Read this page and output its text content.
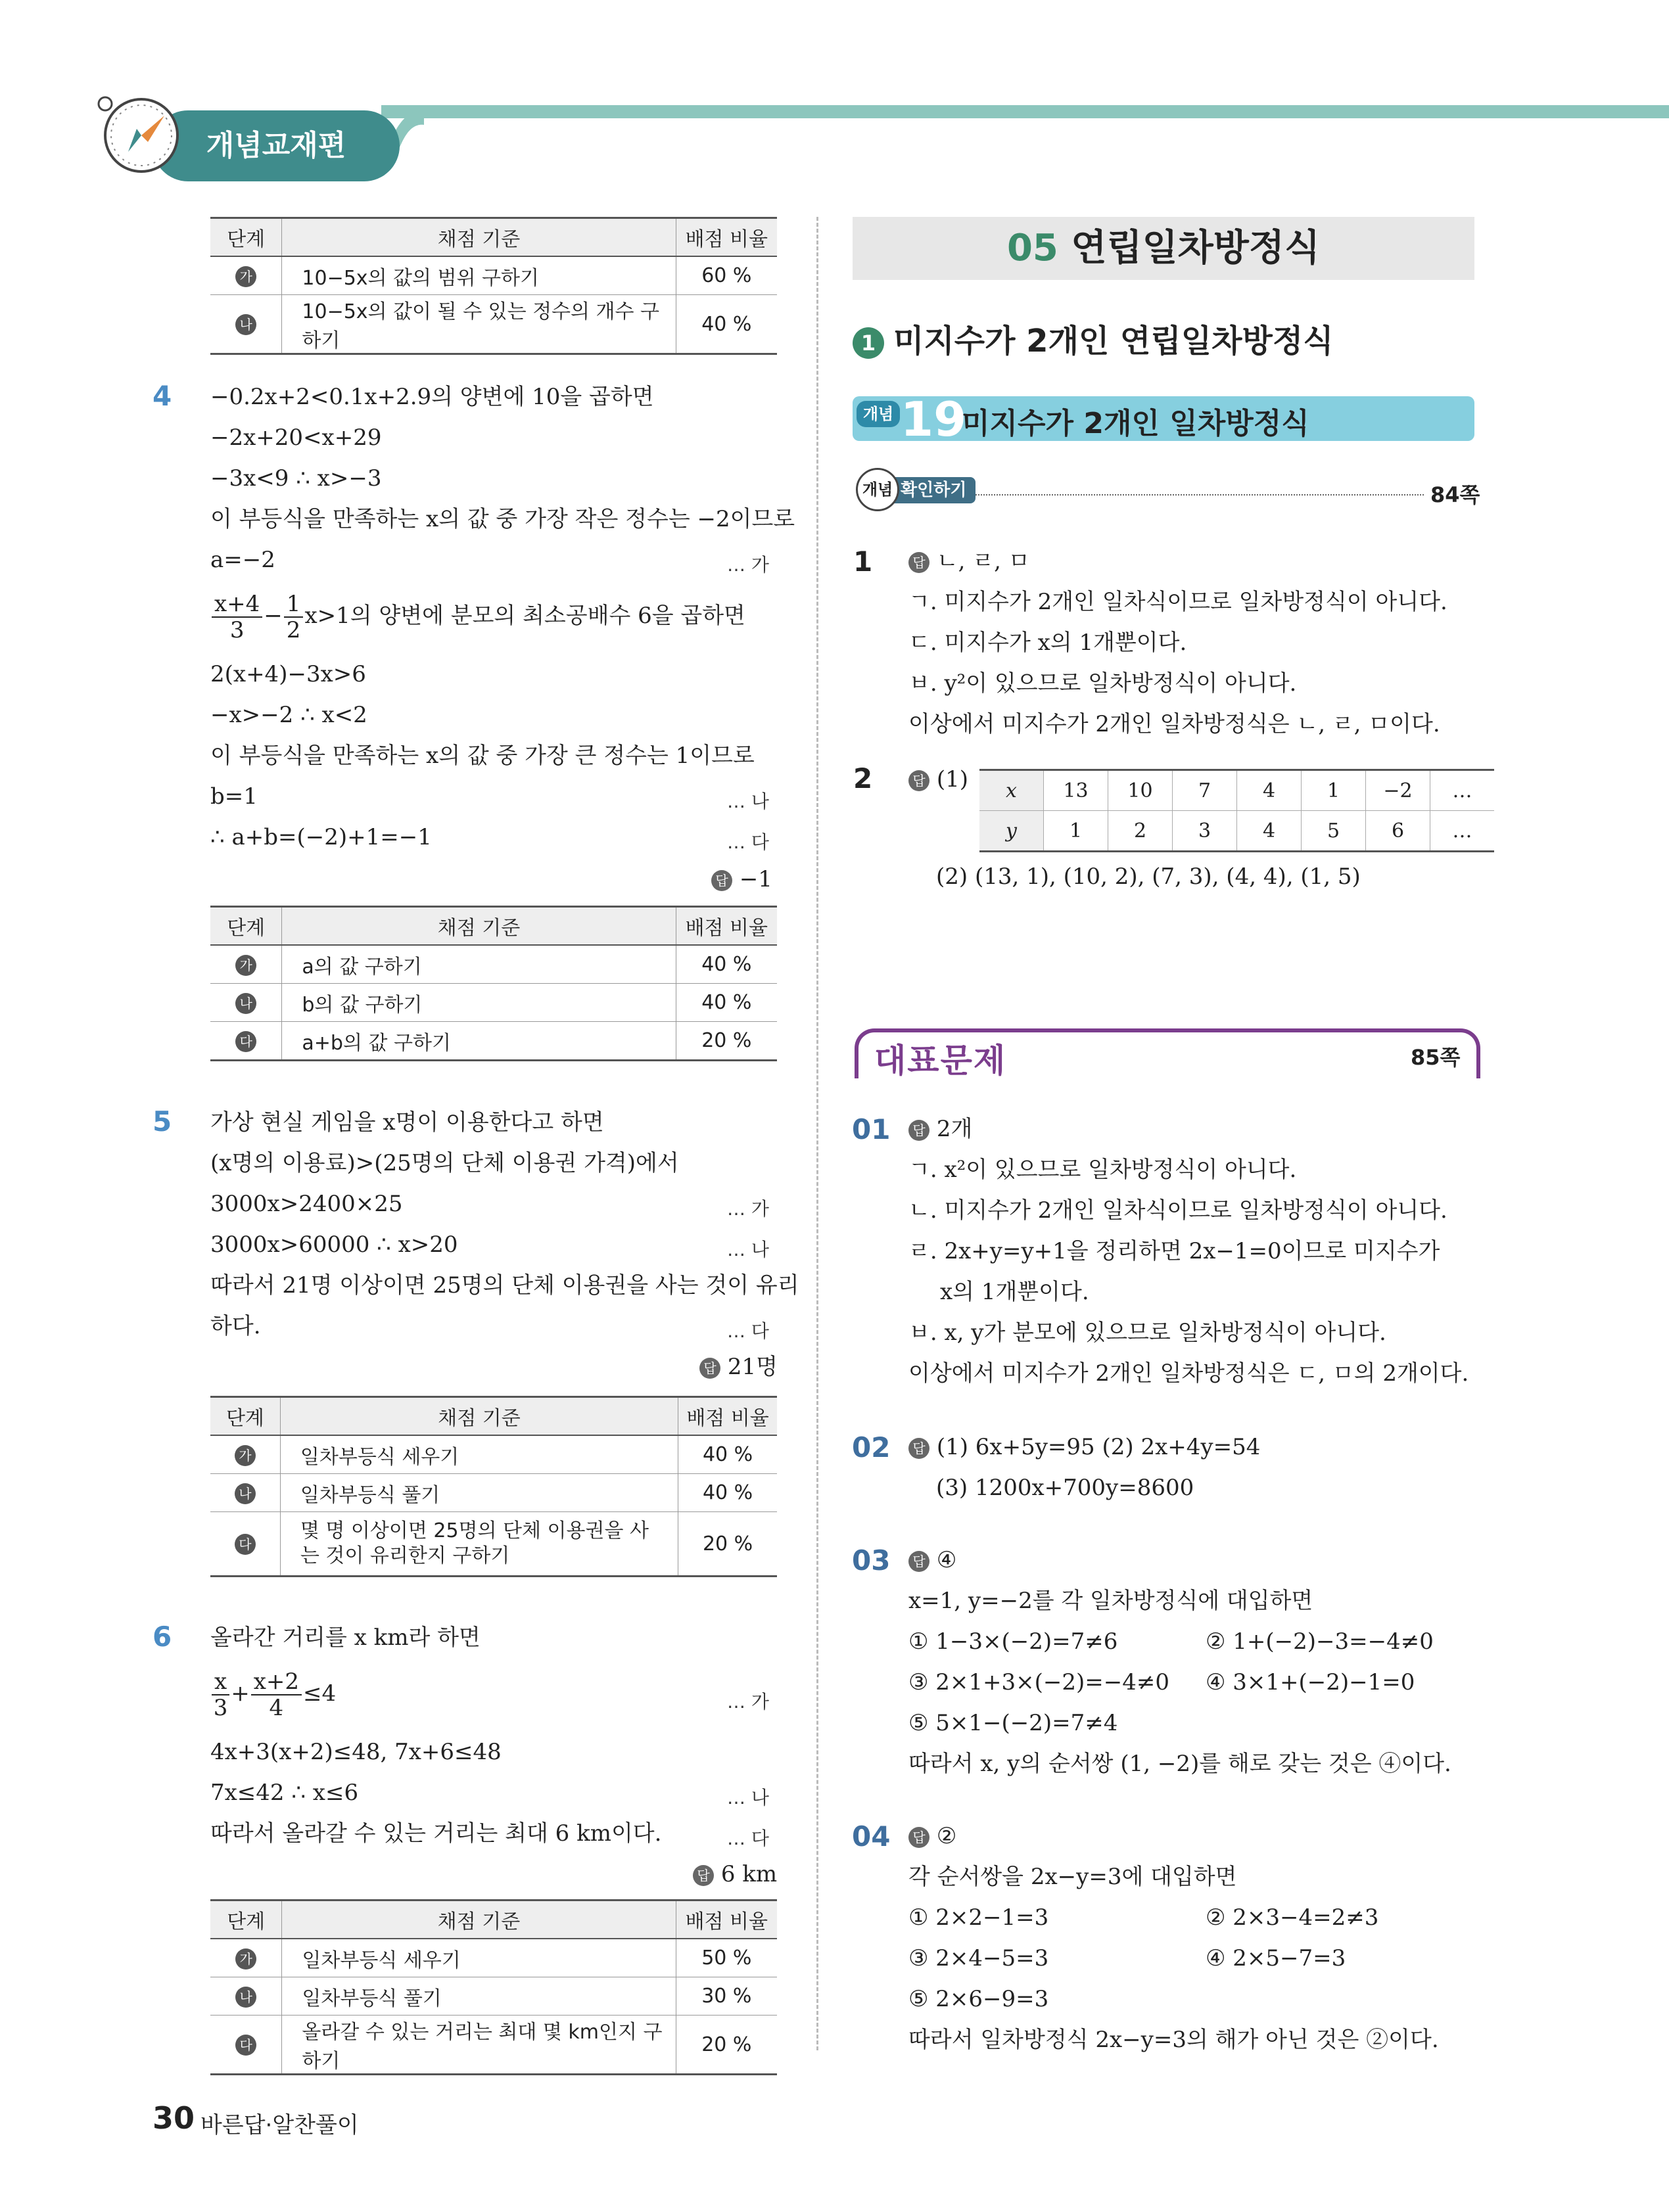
개념교재편
단계	채점 기준	배점 비율
가	10−5x의 값의 범위 구하기	60 %
나	10−5x의 값이 될 수 있는 정수의 개수 구하기	40 %
4 −0.2x+2<0.1x+2.9의 양변에 10을 곱하면
−2x+20<x+29
−3x<9 ∴ x>−3
이 부등식을 만족하는 x의 값 중 가장 작은 정수는 −2이므로
a=−2	… 가
$\frac{x+4}{3} - \frac{1}{2} x>1$의 양변에 분모의 최소공배수 6을 곱하면
2(x+4)−3x>6
−x>−2 ∴ x<2
이 부등식을 만족하는 x의 값 중 가장 큰 정수는 1이므로
b=1	… 나
∴ a+b=(−2)+1=−1	… 다
답 −1
단계	채점 기준	배점 비율
가	a의 값 구하기	40 %
나	b의 값 구하기	40 %
다	a+b의 값 구하기	20 %
5 가상 현실 게임을 x명이 이용한다고 하면
(x명의 이용료)>(25명의 단체 이용권 가격)에서
3000x>2400×25	… 가
3000x>60000 ∴ x>20	… 나
따라서 21명 이상이면 25명의 단체 이용권을 사는 것이 유리
하다.	… 다
답 21명
단계	채점 기준	배점 비율
가	일차부등식 세우기	40 %
나	일차부등식 풀기	40 %
다	몇 명 이상이면 25명의 단체 이용권을 사는 것이 유리한지 구하기	20 %
6 올라간 거리를 x km라 하면
$\frac{x}{3} + \frac{x+2}{4} \le 4$	… 가
4x+3(x+2)≤48, 7x+6≤48
7x≤42 ∴ x≤6	… 나
따라서 올라갈 수 있는 거리는 최대 6 km이다.	… 다
답 6 km
단계	채점 기준	배점 비율
가	일차부등식 세우기	50 %
나	일차부등식 풀기	30 %
다	올라갈 수 있는 거리는 최대 몇 km인지 구하기	20 %
05 연립일차방정식
1 미지수가 2개인 연립일차방정식
개념 19
미지수가 2개인 일차방정식
확인하기
개념	84쪽
1	답 ㄴ, ㄹ, ㅁ
ㄱ. 미지수가 2개인 일차식이므로 일차방정식이 아니다.
ㄷ. 미지수가 x의 1개뿐이다.
ㅂ. y²이 있으므로 일차방정식이 아니다.
이상에서 미지수가 2개인 일차방정식은 ㄴ, ㄹ, ㅁ이다.
2	답 (1) x	13	10	7	4	1	−2	…
y	1	2	3	4	5	6	…
(2) (13, 1), (10, 2), (7, 3), (4, 4), (1, 5)
대표문제	85쪽
01	답 2개
ㄱ. x²이 있으므로 일차방정식이 아니다.
ㄴ. 미지수가 2개인 일차식이므로 일차방정식이 아니다.
ㄹ. 2x+y=y+1을 정리하면 2x−1=0이므로 미지수가
x의 1개뿐이다.
ㅂ. x, y가 분모에 있으므로 일차방정식이 아니다.
이상에서 미지수가 2개인 일차방정식은 ㄷ, ㅁ의 2개이다.
02	답 (1) 6x+5y=95 (2) 2x+4y=54
(3) 1200x+700y=8600
03	답 ④
x=1, y=−2를 각 일차방정식에 대입하면
① 1−3×(−2)=7≠6	② 1+(−2)−3=−4≠0
③ 2×1+3×(−2)=−4≠0 ④ 3×1+(−2)−1=0
⑤ 5×1−(−2)=7≠4
따라서 x, y의 순서쌍 (1, −2)를 해로 갖는 것은 ④이다.
04	답 ②
각 순서쌍을 2x−y=3에 대입하면
① 2×2−1=3	② 2×3−4=2≠3
③ 2×4−5=3	④ 2×5−7=3
⑤ 2×6−9=3
따라서 일차방정식 2x−y=3의 해가 아닌 것은 ②이다.
30 바른답·알찬풀이
